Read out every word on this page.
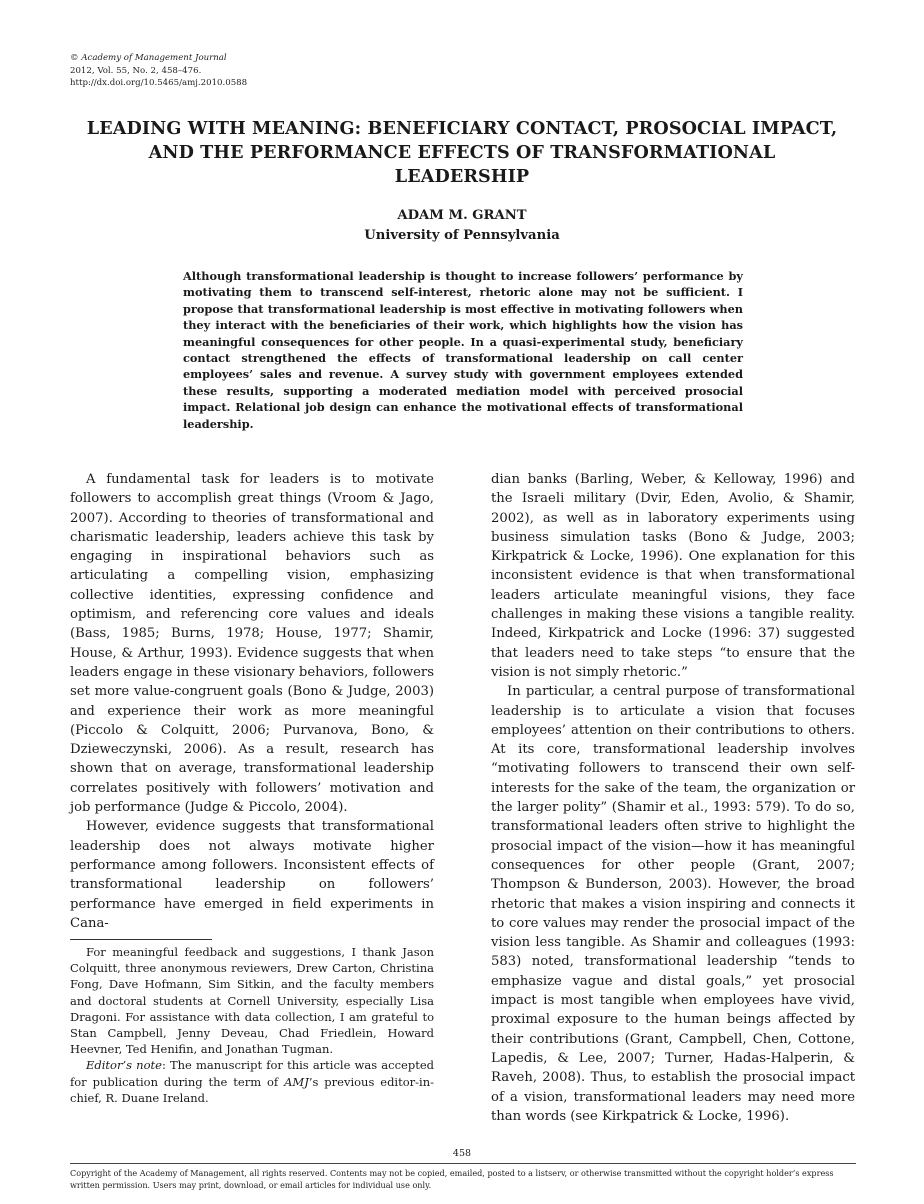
© Academy of Management Journal
2012, Vol. 55, No. 2, 458–476.
http://dx.doi.org/10.5465/amj.2010.0588
LEADING WITH MEANING: BENEFICIARY CONTACT, PROSOCIAL IMPACT, AND THE PERFORMANCE EFFECTS OF TRANSFORMATIONAL LEADERSHIP
ADAM M. GRANT
University of Pennsylvania
Although transformational leadership is thought to increase followers’ performance by motivating them to transcend self-interest, rhetoric alone may not be sufficient. I propose that transformational leadership is most effective in motivating followers when they interact with the beneficiaries of their work, which highlights how the vision has meaningful consequences for other people. In a quasi-experimental study, beneficiary contact strengthened the effects of transformational leadership on call center employees’ sales and revenue. A survey study with government employees extended these results, supporting a moderated mediation model with perceived prosocial impact. Relational job design can enhance the motivational effects of transformational leadership.

A fundamental task for leaders is to motivate followers to accomplish great things (Vroom & Jago, 2007). According to theories of transformational and charismatic leadership, leaders achieve this task by engaging in inspirational behaviors such as articulating a compelling vision, emphasizing collective identities, expressing confidence and optimism, and referencing core values and ideals (Bass, 1985; Burns, 1978; House, 1977; Shamir, House, & Arthur, 1993). Evidence suggests that when leaders engage in these visionary behaviors, followers set more value-congruent goals (Bono & Judge, 2003) and experience their work as more meaningful (Piccolo & Colquitt, 2006; Purvanova, Bono, & Dzieweczynski, 2006). As a result, research has shown that on average, transformational leadership correlates positively with followers’ motivation and job performance (Judge & Piccolo, 2004).

However, evidence suggests that transformational leadership does not always motivate higher performance among followers. Inconsistent effects of transformational leadership on followers’ performance have emerged in field experiments in Cana-

For meaningful feedback and suggestions, I thank Jason Colquitt, three anonymous reviewers, Drew Carton, Christina Fong, Dave Hofmann, Sim Sitkin, and the faculty members and doctoral students at Cornell University, especially Lisa Dragoni. For assistance with data collection, I am grateful to Stan Campbell, Jenny Deveau, Chad Friedlein, Howard Heevner, Ted Henifin, and Jonathan Tugman.

Editor’s note: The manuscript for this article was accepted for publication during the term of AMJ’s previous editor-in-chief, R. Duane Ireland.

dian banks (Barling, Weber, & Kelloway, 1996) and the Israeli military (Dvir, Eden, Avolio, & Shamir, 2002), as well as in laboratory experiments using business simulation tasks (Bono & Judge, 2003; Kirkpatrick & Locke, 1996). One explanation for this inconsistent evidence is that when transformational leaders articulate meaningful visions, they face challenges in making these visions a tangible reality. Indeed, Kirkpatrick and Locke (1996: 37) suggested that leaders need to take steps “to ensure that the vision is not simply rhetoric.”

In particular, a central purpose of transformational leadership is to articulate a vision that focuses employees’ attention on their contributions to others. At its core, transformational leadership involves “motivating followers to transcend their own self-interests for the sake of the team, the organization or the larger polity” (Shamir et al., 1993: 579). To do so, transformational leaders often strive to highlight the prosocial impact of the vision—how it has meaningful consequences for other people (Grant, 2007; Thompson & Bunderson, 2003). However, the broad rhetoric that makes a vision inspiring and connects it to core values may render the prosocial impact of the vision less tangible. As Shamir and colleagues (1993: 583) noted, transformational leadership “tends to emphasize vague and distal goals,” yet prosocial impact is most tangible when employees have vivid, proximal exposure to the human beings affected by their contributions (Grant, Campbell, Chen, Cottone, Lapedis, & Lee, 2007; Turner, Hadas-Halperin, & Raveh, 2008). Thus, to establish the prosocial impact of a vision, transformational leaders may need more than words (see Kirkpatrick & Locke, 1996).

458
Copyright of the Academy of Management, all rights reserved. Contents may not be copied, emailed, posted to a listserv, or otherwise transmitted without the copyright holder’s express written permission. Users may print, download, or email articles for individual use only.
